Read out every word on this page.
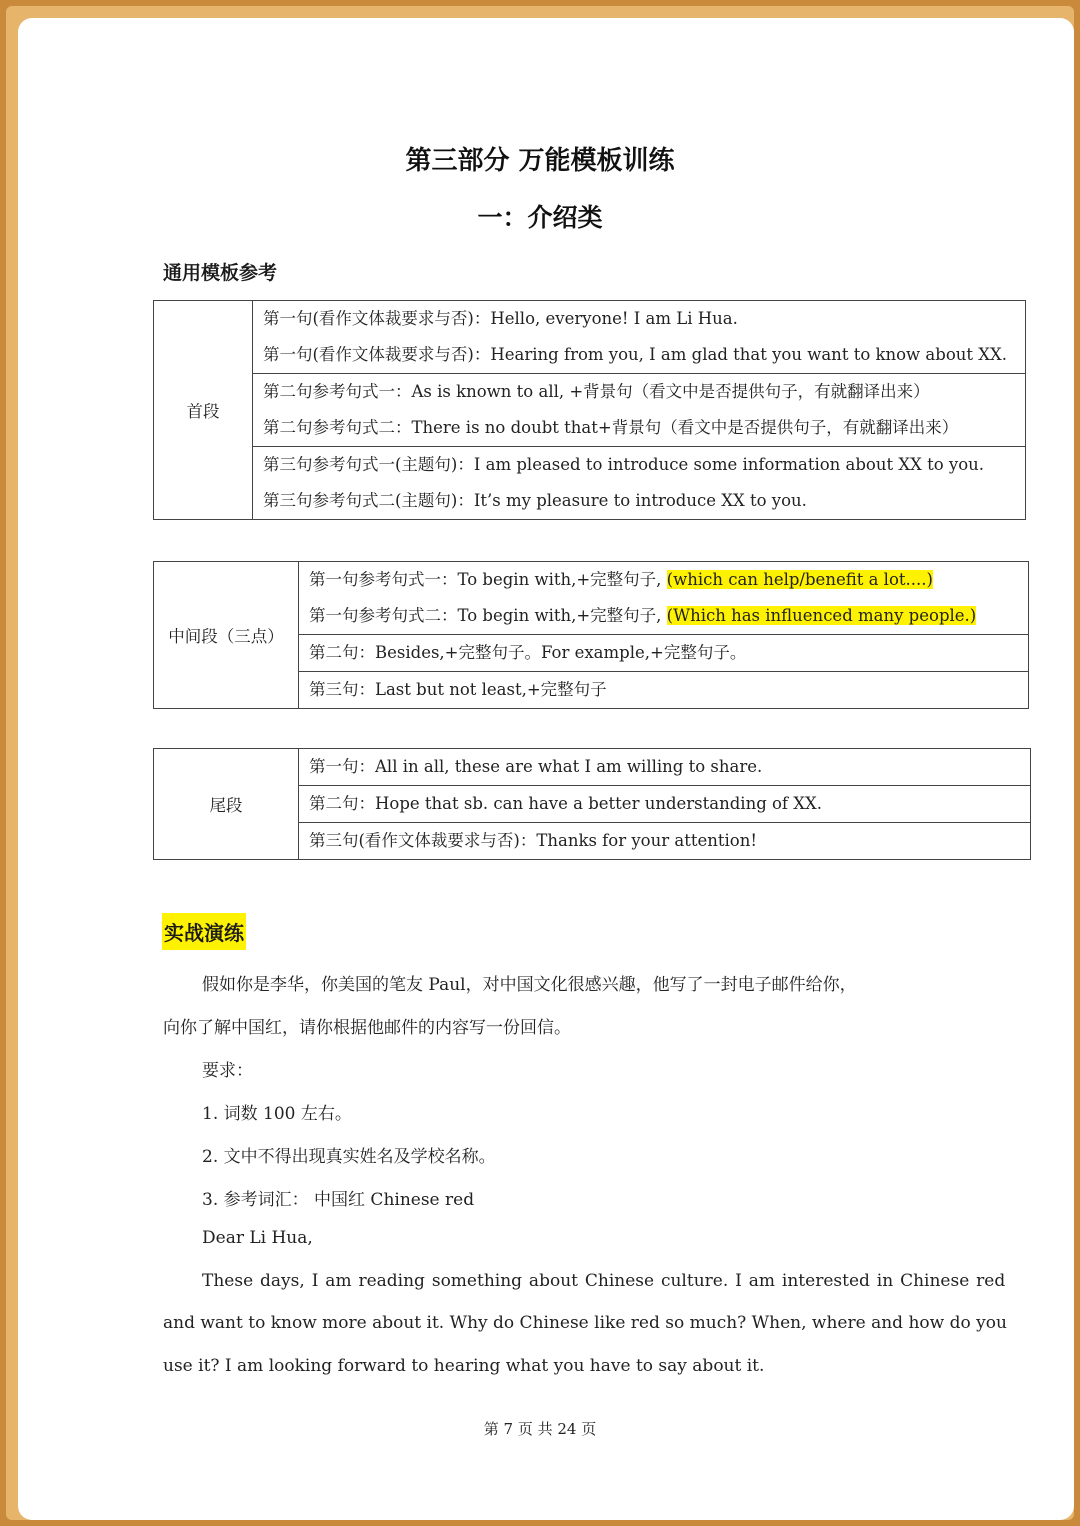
第三部分 万能模板训练
一：介绍类
通用模板参考
首段	
第一句(看作文体裁要求与否)：Hello, everyone! I am Li Hua.
第一句(看作文体裁要求与否)：Hearing from you, I am glad that you want to know about XX.

第二句参考句式一：As is known to all, +背景句（看文中是否提供句子，有就翻译出来）
第二句参考句式二：There is no doubt that+背景句（看文中是否提供句子，有就翻译出来）

第三句参考句式一(主题句)：I am pleased to introduce some information about XX to you.
第三句参考句式二(主题句)：It’s my pleasure to introduce XX to you.
中间段（三点）	
第一句参考句式一：To begin with,+完整句子, (which can help/benefit a lot....)
第一句参考句式二：To begin with,+完整句子, (Which has influenced many people.)

第二句：Besides,+完整句子。For example,+完整句子。

第三句：Last but not least,+完整句子
尾段	
第一句：All in all, these are what I am willing to share.

第二句：Hope that sb. can have a better understanding of XX.

第三句(看作文体裁要求与否)：Thanks for your attention!
实战演练
假如你是李华，你美国的笔友 Paul，对中国文化很感兴趣，他写了一封电子邮件给你，
向你了解中国红，请你根据他邮件的内容写一份回信。
要求：
1. 词数 100 左右。
2. 文中不得出现真实姓名及学校名称。
3. 参考词汇： 中国红 Chinese red
Dear Li Hua,
These days, I am reading something about Chinese culture. I am interested in Chinese red
and want to know more about it. Why do Chinese like red so much? When, where and how do you
use it? I am looking forward to hearing what you have to say about it.
第 7 页 共 24 页
